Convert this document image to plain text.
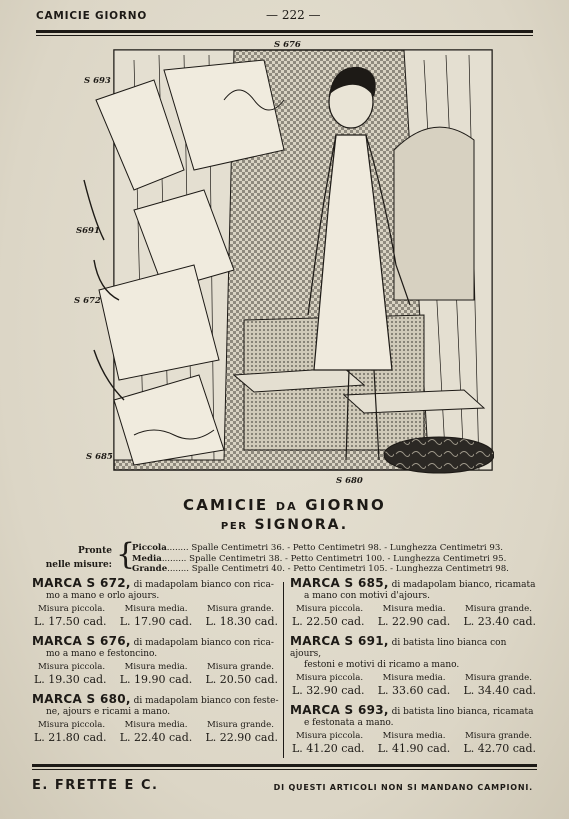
CAMICIE GIORNO	— 222 —
S 676
S 693
S691
S 672
S 685
S 680
CAMICIE DA GIORNO
PER SIGNORA.
Pronte
nelle misure: {
Piccola........ Spalle Centimetri 36. - Petto Centimetri 98. - Lunghezza Centimetri 93.
Media......... Spalle Centimetri 38. - Petto Centimetri 100. - Lunghezza Centimetri 95.
Grande........ Spalle Centimetri 40. - Petto Centimetri 105. - Lunghezza Centimetri 98.
MARCA S 672, di madapolam bianco con rica-
mo a mano e orlo ajours.
Misura piccola. Misura media. Misura grande.
L. 17.50 cad. L. 17.90 cad. L. 18.30 cad.
MARCA S 676, di madapolam bianco con rica-
mo a mano e festoncino.
Misura piccola. Misura media. Misura grande.
L. 19.30 cad. L. 19.90 cad. L. 20.50 cad.
MARCA S 680, di madapolam bianco con feste-
ne, ajours e ricami a mano.
Misura piccola. Misura media. Misura grande.
L. 21.80 cad. L. 22.40 cad. L. 22.90 cad.
MARCA S 685, di madapolam bianco, ricamata
a mano con motivi d'ajours.
Misura piccola. Misura media. Misura grande.
L. 22.50 cad. L. 22.90 cad. L. 23.40 cad.
MARCA S 691, di batista lino bianca con ajours,
festoni e motivi di ricamo a mano.
Misura piccola. Misura media. Misura grande.
L. 32.90 cad. L. 33.60 cad. L. 34.40 cad.
MARCA S 693, di batista lino bianca, ricamata
e festonata a mano.
Misura piccola. Misura media. Misura grande.
L. 41.20 cad. L. 41.90 cad. L. 42.70 cad.
E. FRETTE E C.	DI QUESTI ARTICOLI NON SI MANDANO CAMPIONI.
